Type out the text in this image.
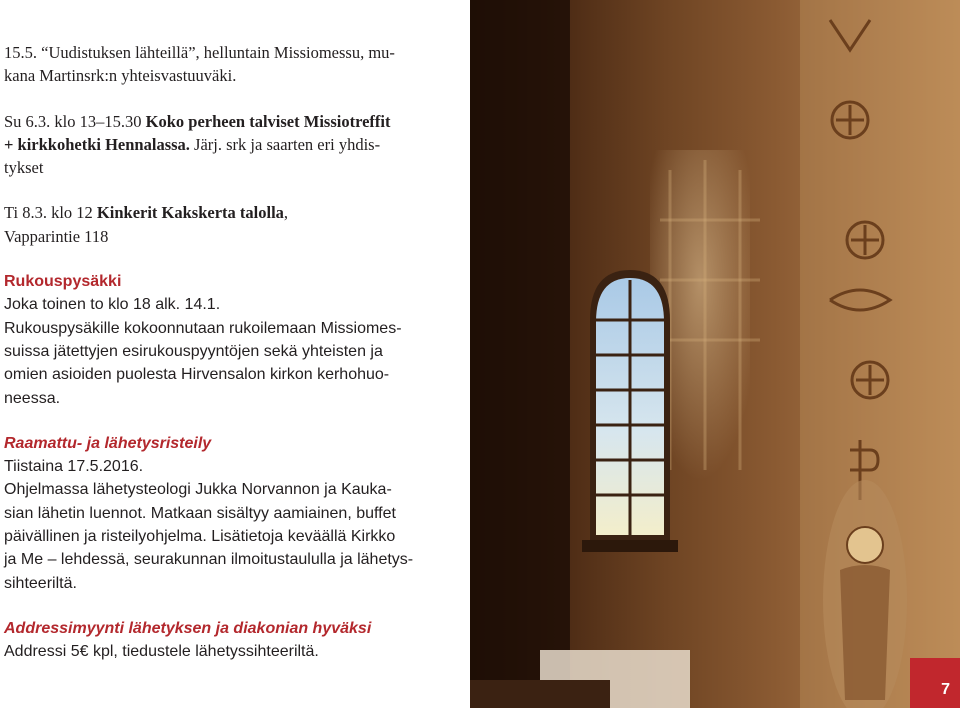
15.5. “Uudistuksen lähteillä”, helluntain Missiomessu, mu-
kana Martinsrk:n yhteisvastuuväki.
Su 6.3. klo 13–15.30 Koko perheen talviset Missiotreffit
+ kirkkohetki Hennalassa. Järj. srk ja saarten eri yhdis-
tykset
Ti 8.3. klo 12 Kinkerit Kakskerta talolla,
Vapparintie 118
Rukouspysäkki
Joka toinen to klo 18 alk. 14.1.
Rukouspysäkille kokoonnutaan rukoilemaan Missiomes-
suissa jätettyjen esirukouspyyntöjen sekä yhteisten ja
omien asioiden puolesta Hirvensalon kirkon kerhohuo-
neessa.
Raamattu- ja lähetysristeily
Tiistaina 17.5.2016.
Ohjelmassa lähetysteologi Jukka Norvannon ja Kauka-
sian lähetin luennot. Matkaan sisältyy aamiainen, buffet
päivällinen ja risteilyohjelma. Lisätietoja keväällä Kirkko
ja Me – lehdessä, seurakunnan ilmoitustaululla ja lähetys-
sihteeriltä.
Addressimyynti lähetyksen ja diakonian hyväksi
Addressi 5€ kpl, tiedustele lähetyssihteeriltä.
7
